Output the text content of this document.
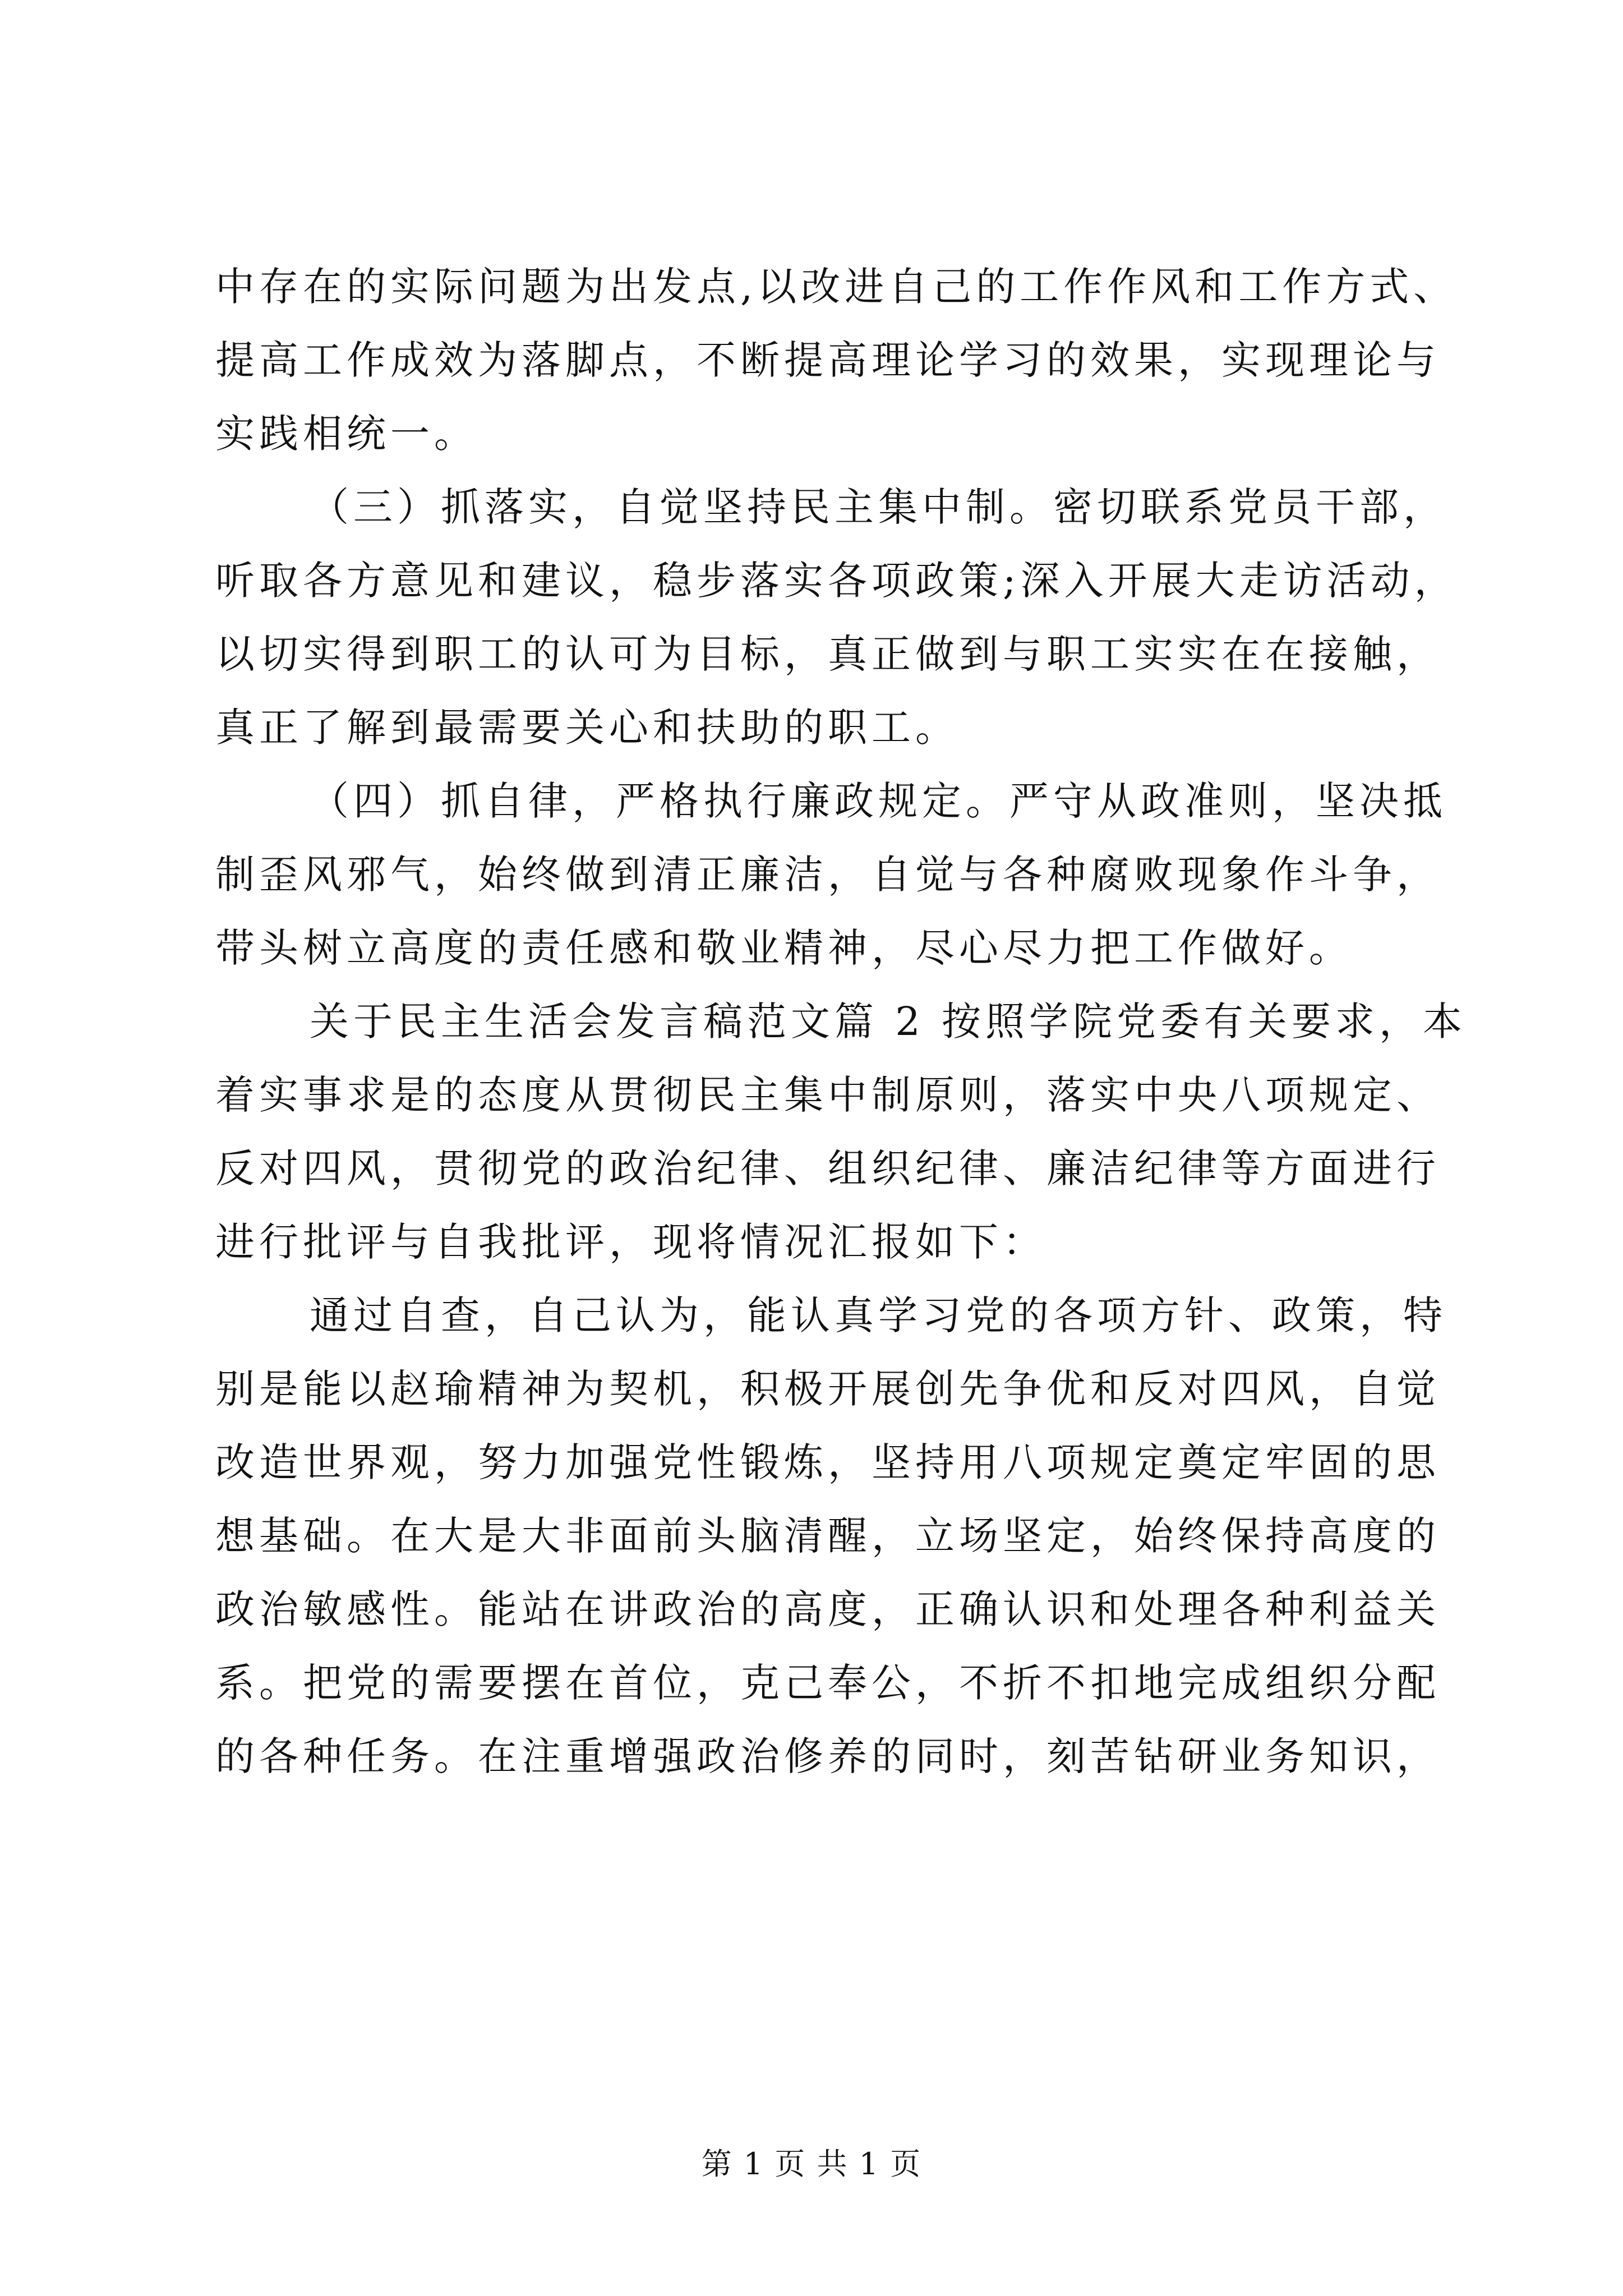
中存在的实际问题为出发点,以改进自己的工作作风和工作方式、
提高工作成效为落脚点，不断提高理论学习的效果，实现理论与
实践相统一。
（三）抓落实，自觉坚持民主集中制。密切联系党员干部，
听取各方意见和建议，稳步落实各项政策;深入开展大走访活动，
以切实得到职工的认可为目标，真正做到与职工实实在在接触，
真正了解到最需要关心和扶助的职工。
（四）抓自律，严格执行廉政规定。严守从政准则，坚决抵
制歪风邪气，始终做到清正廉洁，自觉与各种腐败现象作斗争，
带头树立高度的责任感和敬业精神，尽心尽力把工作做好。
关于民主生活会发言稿范文篇 2 按照学院党委有关要求，本
着实事求是的态度从贯彻民主集中制原则，落实中央八项规定、
反对四风，贯彻党的政治纪律、组织纪律、廉洁纪律等方面进行
进行批评与自我批评，现将情况汇报如下：
通过自查，自己认为，能认真学习党的各项方针、政策，特
别是能以赵瑜精神为契机，积极开展创先争优和反对四风，自觉
改造世界观，努力加强党性锻炼，坚持用八项规定奠定牢固的思
想基础。在大是大非面前头脑清醒，立场坚定，始终保持高度的
政治敏感性。能站在讲政治的高度，正确认识和处理各种利益关
系。把党的需要摆在首位，克己奉公，不折不扣地完成组织分配
的各种任务。在注重增强政治修养的同时，刻苦钻研业务知识，
第 1 页 共 1 页
